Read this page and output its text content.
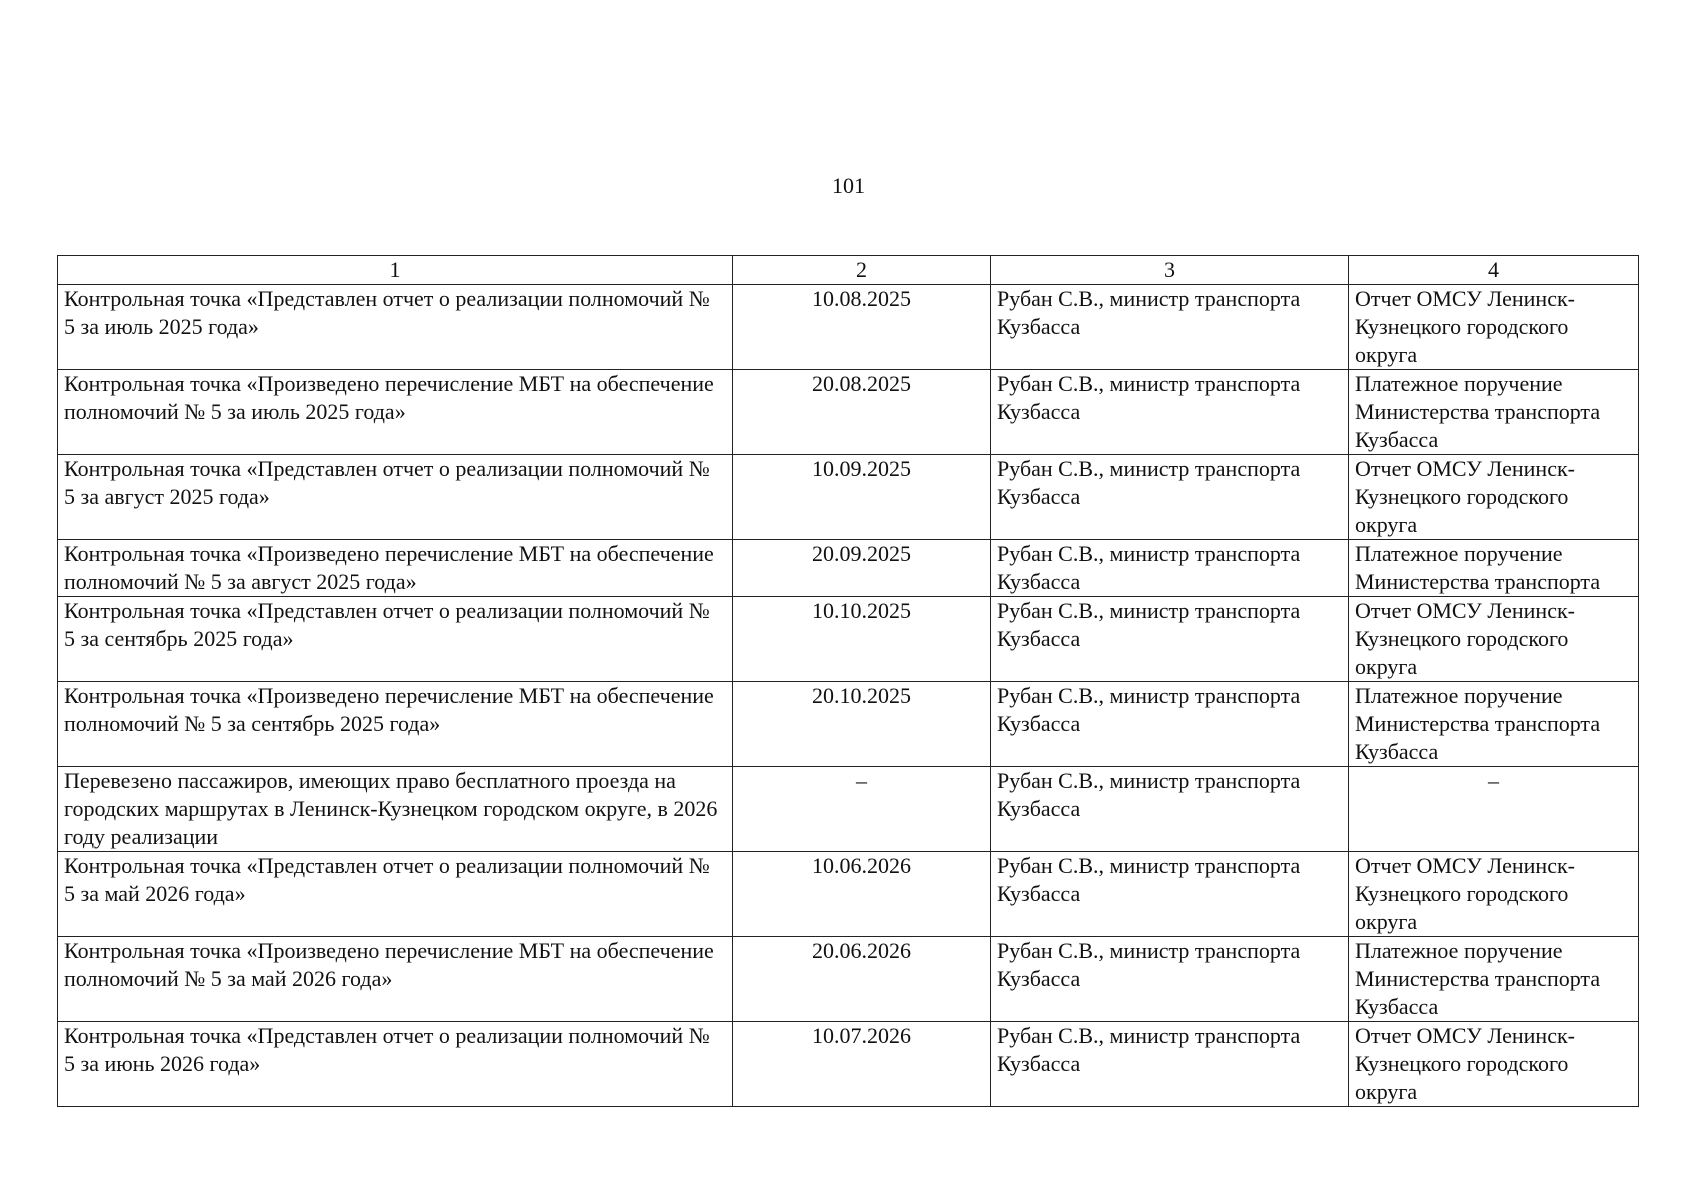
101
1	2	3	4
Контрольная точка «Представлен отчет о реализации полномочий № 5 за июль 2025 года»	10.08.2025	Рубан С.В., министр транспорта Кузбасса	Отчет ОМСУ Ленинск-Кузнецкого городского округа
Контрольная точка «Произведено перечисление МБТ на обеспечение полномочий № 5 за июль 2025 года»	20.08.2025	Рубан С.В., министр транспорта Кузбасса	Платежное поручение Министерства транспорта Кузбасса
Контрольная точка «Представлен отчет о реализации полномочий № 5 за август 2025 года»	10.09.2025	Рубан С.В., министр транспорта Кузбасса	Отчет ОМСУ Ленинск-Кузнецкого городского округа
Контрольная точка «Произведено перечисление МБТ на обеспечение полномочий № 5 за август 2025 года»	20.09.2025	Рубан С.В., министр транспорта Кузбасса	Платежное поручение Министерства транспорта
Контрольная точка «Представлен отчет о реализации полномочий № 5 за сентябрь 2025 года»	10.10.2025	Рубан С.В., министр транспорта Кузбасса	Отчет ОМСУ Ленинск-Кузнецкого городского округа
Контрольная точка «Произведено перечисление МБТ на обеспечение полномочий № 5 за сентябрь 2025 года»	20.10.2025	Рубан С.В., министр транспорта Кузбасса	Платежное поручение Министерства транспорта Кузбасса
Перевезено пассажиров, имеющих право бесплатного проезда на городских маршрутах в Ленинск-Кузнецком городском округе, в 2026 году реализации	–	Рубан С.В., министр транспорта Кузбасса	–
Контрольная точка «Представлен отчет о реализации полномочий № 5 за май 2026 года»	10.06.2026	Рубан С.В., министр транспорта Кузбасса	Отчет ОМСУ Ленинск-Кузнецкого городского округа
Контрольная точка «Произведено перечисление МБТ на обеспечение полномочий № 5 за май 2026 года»	20.06.2026	Рубан С.В., министр транспорта Кузбасса	Платежное поручение Министерства транспорта Кузбасса
Контрольная точка «Представлен отчет о реализации полномочий № 5 за июнь 2026 года»	10.07.2026	Рубан С.В., министр транспорта Кузбасса	Отчет ОМСУ Ленинск-Кузнецкого городского округа
